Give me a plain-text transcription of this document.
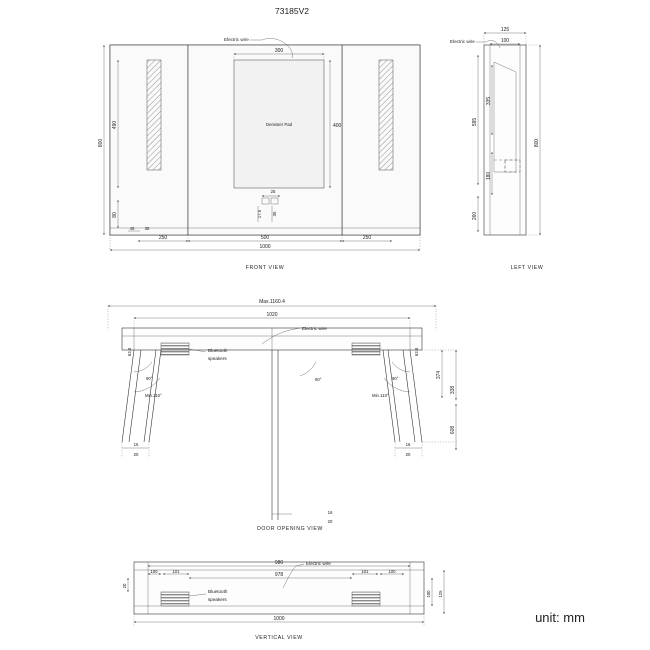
73185V2
Demister Pad
300
400
Electric wire
800
490
80
250	500	250
1000
45 35
25
17.5 35
FRONT VIEW
Electric wire
125
100
800
595
335
180
260
LEFT VIEW
Bluetooth
speakers
Electric wire
90°
Min.110°
90°	90°
Min.110°
Max.1160.4
1020
63.8	63.8
374
338
608
16
20
16
20
16
20
DOOR OPENING VIEW
Bluetooth
speakers
Electric wire
980
978
100	101	101	100
20
100 125
1000
VERTICAL VIEW
unit: mm
